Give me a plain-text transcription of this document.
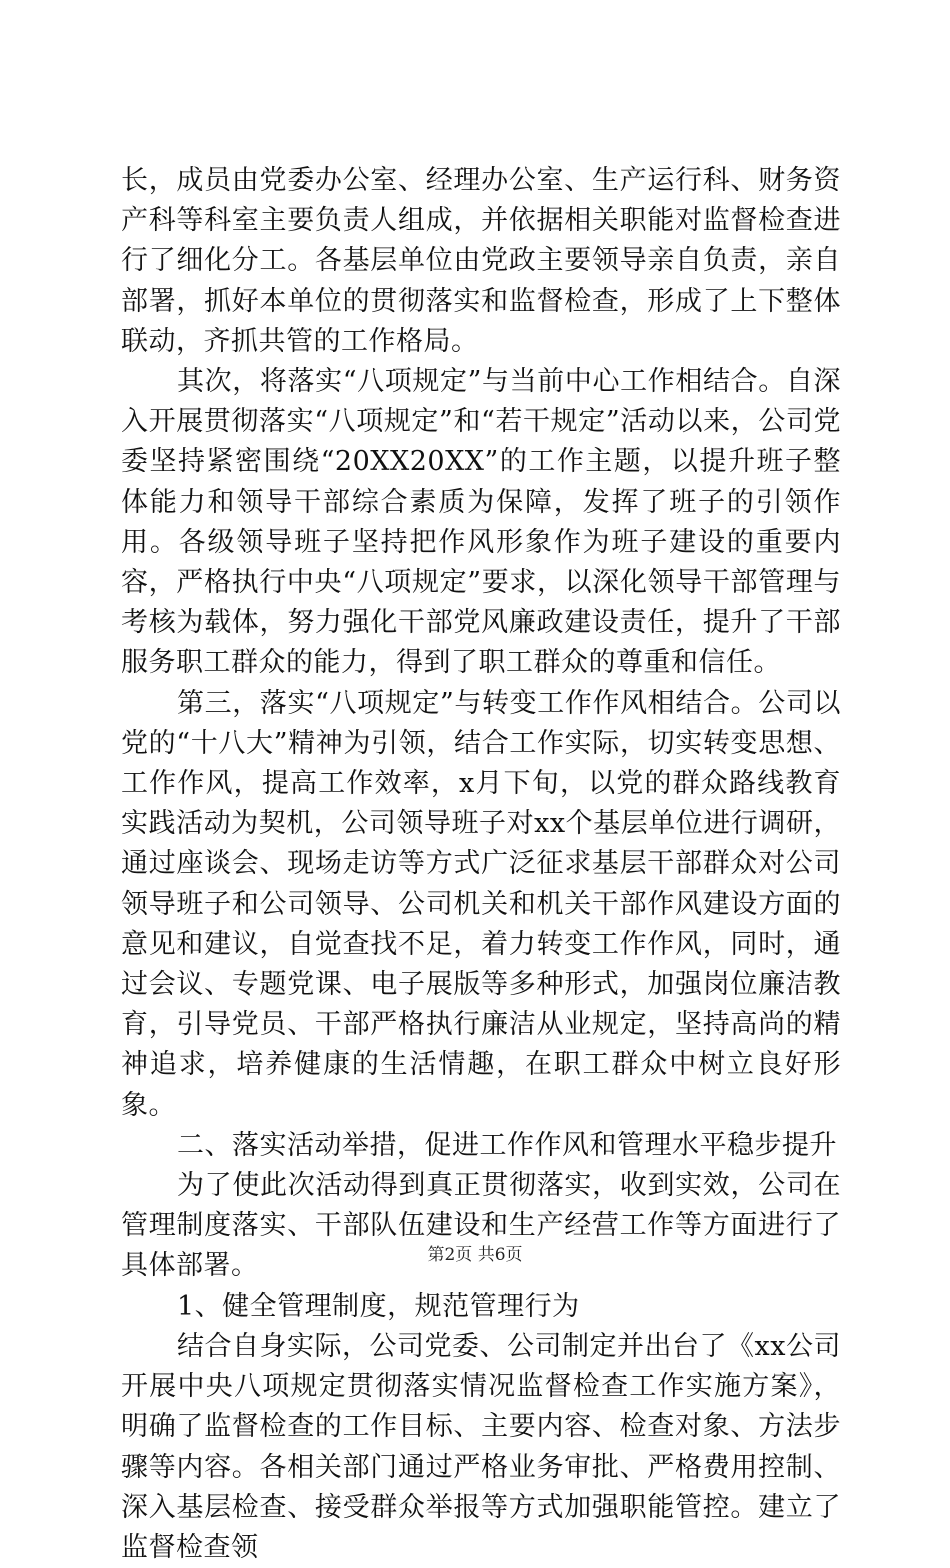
长，成员由党委办公室、经理办公室、生产运行科、财务资产科等科室主要负责人组成，并依据相关职能对监督检查进行了细化分工。各基层单位由党政主要领导亲自负责，亲自部署，抓好本单位的贯彻落实和监督检查，形成了上下整体联动，齐抓共管的工作格局。

其次，将落实“八项规定”与当前中心工作相结合。自深入开展贯彻落实“八项规定”和“若干规定”活动以来，公司党委坚持紧密围绕“20XX20XX”的工作主题，以提升班子整体能力和领导干部综合素质为保障，发挥了班子的引领作用。各级领导班子坚持把作风形象作为班子建设的重要内容，严格执行中央“八项规定”要求，以深化领导干部管理与考核为载体，努力强化干部党风廉政建设责任，提升了干部服务职工群众的能力，得到了职工群众的尊重和信任。

第三，落实“八项规定”与转变工作作风相结合。公司以党的“十八大”精神为引领，结合工作实际，切实转变思想、工作作风，提高工作效率，x月下旬，以党的群众路线教育实践活动为契机，公司领导班子对xx个基层单位进行调研，通过座谈会、现场走访等方式广泛征求基层干部群众对公司领导班子和公司领导、公司机关和机关干部作风建设方面的意见和建议，自觉查找不足，着力转变工作作风，同时，通过会议、专题党课、电子展版等多种形式，加强岗位廉洁教育，引导党员、干部严格执行廉洁从业规定，坚持高尚的精神追求，培养健康的生活情趣，在职工群众中树立良好形象。

二、落实活动举措，促进工作作风和管理水平稳步提升

为了使此次活动得到真正贯彻落实，收到实效，公司在管理制度落实、干部队伍建设和生产经营工作等方面进行了具体部署。

1、健全管理制度，规范管理行为

结合自身实际，公司党委、公司制定并出台了《xx公司开展中央八项规定贯彻落实情况监督检查工作实施方案》，明确了监督检查的工作目标、主要内容、检查对象、方法步骤等内容。各相关部门通过严格业务审批、严格费用控制、深入基层检查、接受群众举报等方式加强职能管控。建立了监督检查领

第2页 共6页
